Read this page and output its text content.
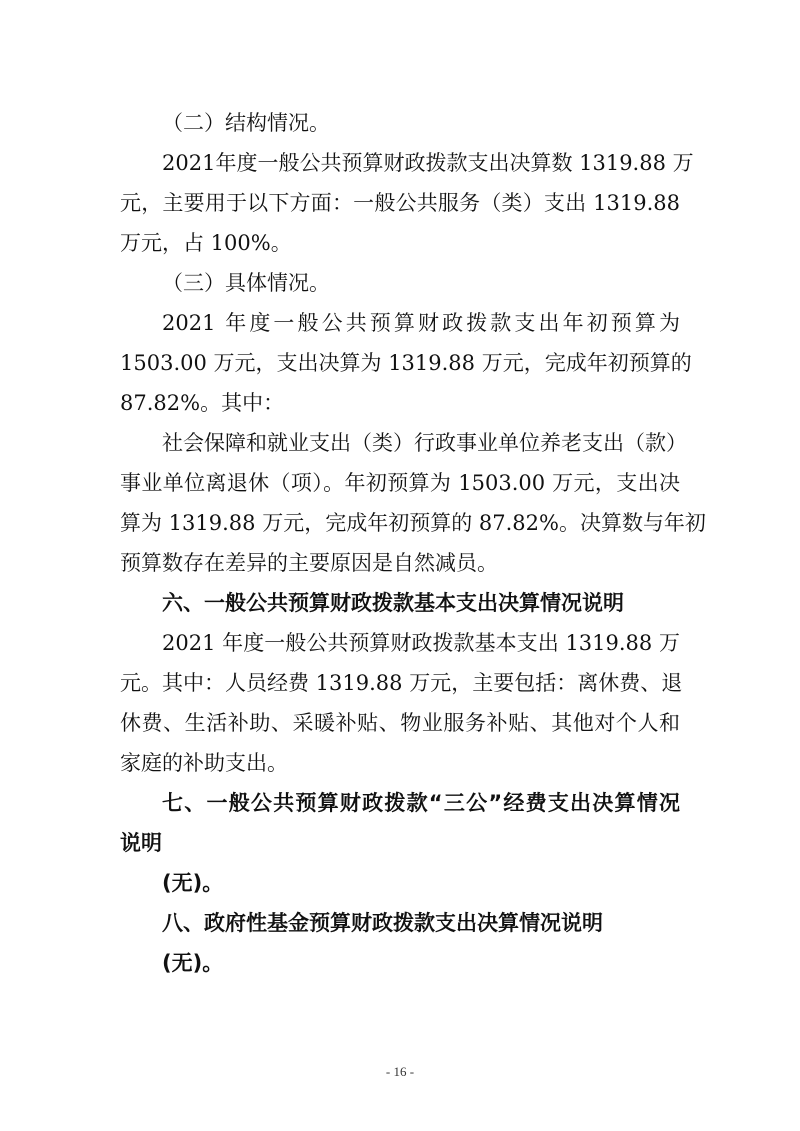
（二）结构情况。
2021年度一般公共预算财政拨款支出决算数 1319.88 万
元，主要用于以下方面：一般公共服务（类）支出 1319.88
万元，占 100%。
（三）具体情况。
2021 年度一般公共预算财政拨款支出年初预算为
1503.00 万元，支出决算为 1319.88 万元，完成年初预算的
87.82%。其中：
社会保障和就业支出（类）行政事业单位养老支出（款）
事业单位离退休（项）。年初预算为 1503.00 万元，支出决
算为 1319.88 万元，完成年初预算的 87.82%。决算数与年初
预算数存在差异的主要原因是自然减员。
六、一般公共预算财政拨款基本支出决算情况说明
2021 年度一般公共预算财政拨款基本支出 1319.88 万
元。其中：人员经费 1319.88 万元，主要包括：离休费、退
休费、生活补助、采暖补贴、物业服务补贴、其他对个人和
家庭的补助支出。
七、一般公共预算财政拨款“三公”经费支出决算情况
说明
(无)。
八、政府性基金预算财政拨款支出决算情况说明
(无)。
- 16 -
